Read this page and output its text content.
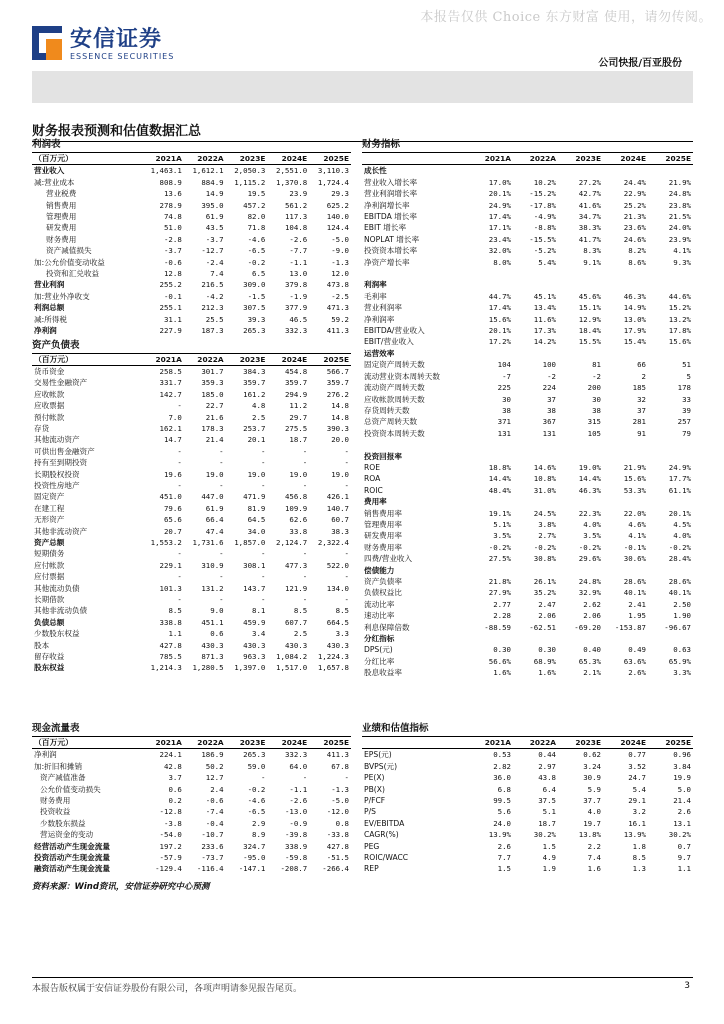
本报告仅供 Choice 东方财富 使用，请勿传阅。
安信证券
ESSENCE SECURITIES
公司快报/百亚股份
财务报表预测和估值数据汇总
利润表
（百万元）	2021A	2022A	2023E	2024E	2025E
营业收入	1,463.1	1,612.1	2,050.3	2,551.0	3,110.3
减:营业成本	808.9	884.9	1,115.2	1,370.8	1,724.4
营业税费	13.6	14.9	19.5	23.9	29.3
销售费用	278.9	395.0	457.2	561.2	625.2
管理费用	74.8	61.9	82.0	117.3	140.0
研发费用	51.0	43.5	71.8	104.8	124.4
财务费用	-2.8	-3.7	-4.6	-2.6	-5.0
资产减值损失	-3.7	-12.7	-6.5	-7.7	-9.0
加:公允价值变动收益	-0.6	-2.4	-0.2	-1.1	-1.3
投资和汇兑收益	12.8	7.4	6.5	13.0	12.0
营业利润	255.2	216.5	309.0	379.8	473.8
加:营业外净收支	-0.1	-4.2	-1.5	-1.9	-2.5
利润总额	255.1	212.3	307.5	377.9	471.3
减:所得税	31.1	25.5	39.3	46.5	59.2
净利润	227.9	187.3	265.3	332.3	411.3
资产负债表
（百万元）	2021A	2022A	2023E	2024E	2025E
货币资金	258.5	301.7	384.3	454.8	566.7
交易性金融资产	331.7	359.3	359.7	359.7	359.7
应收帐款	142.7	185.0	161.2	294.9	276.2
应收票据	-	22.7	4.8	11.2	14.8
预付帐款	7.0	21.6	2.5	29.7	14.8
存货	162.1	178.3	253.7	275.5	390.3
其他流动资产	14.7	21.4	20.1	18.7	20.0
可供出售金融资产	-	-	-	-	-
持有至到期投资	-	-	-	-	-
长期股权投资	19.6	19.0	19.0	19.0	19.0
投资性房地产	-	-	-	-	-
固定资产	451.0	447.0	471.9	456.8	426.1
在建工程	79.6	61.9	81.9	109.9	140.7
无形资产	65.6	66.4	64.5	62.6	60.7
其他非流动资产	20.7	47.4	34.0	33.8	38.3
资产总额	1,553.2	1,731.6	1,857.0	2,124.7	2,322.4
短期债务	-	-	-	-	-
应付帐款	229.1	310.9	308.1	477.3	522.0
应付票据	-	-	-	-	-
其他流动负债	101.3	131.2	143.7	121.9	134.0
长期借款	-	-	-	-	-
其他非流动负债	8.5	9.0	8.1	8.5	8.5
负债总额	338.8	451.1	459.9	607.7	664.5
少数股东权益	1.1	0.6	3.4	2.5	3.3
股本	427.8	430.3	430.3	430.3	430.3
留存收益	785.5	871.3	963.3	1,084.2	1,224.3
股东权益	1,214.3	1,280.5	1,397.0	1,517.0	1,657.8
财务指标
	2021A	2022A	2023E	2024E	2025E
成长性					
营业收入增长率	17.0%	10.2%	27.2%	24.4%	21.9%
营业利润增长率	20.1%	-15.2%	42.7%	22.9%	24.8%
净利润增长率	24.9%	-17.8%	41.6%	25.2%	23.8%
EBITDA 增长率	17.4%	-4.9%	34.7%	21.3%	21.5%
EBIT 增长率	17.1%	-8.8%	38.3%	23.6%	24.0%
NOPLAT 增长率	23.4%	-15.5%	41.7%	24.6%	23.9%
投资资本增长率	32.0%	-5.2%	8.3%	8.2%	4.1%
净资产增长率	8.0%	5.4%	9.1%	8.6%	9.3%

利润率					
毛利率	44.7%	45.1%	45.6%	46.3%	44.6%
营业利润率	17.4%	13.4%	15.1%	14.9%	15.2%
净利润率	15.6%	11.6%	12.9%	13.0%	13.2%
EBITDA/营业收入	20.1%	17.3%	18.4%	17.9%	17.8%
EBIT/营业收入	17.2%	14.2%	15.5%	15.4%	15.6%
运营效率					
固定资产周转天数	104	100	81	66	51
流动营业资本周转天数	-7	-2	-2	2	5
流动资产周转天数	225	224	200	185	178
应收帐款周转天数	30	37	30	32	33
存货周转天数	38	38	38	37	39
总资产周转天数	371	367	315	281	257
投资资本周转天数	131	131	105	91	79

投资回报率					
ROE	18.8%	14.6%	19.0%	21.9%	24.9%
ROA	14.4%	10.8%	14.4%	15.6%	17.7%
ROIC	48.4%	31.0%	46.3%	53.3%	61.1%
费用率					
销售费用率	19.1%	24.5%	22.3%	22.0%	20.1%
管理费用率	5.1%	3.8%	4.0%	4.6%	4.5%
研发费用率	3.5%	2.7%	3.5%	4.1%	4.0%
财务费用率	-0.2%	-0.2%	-0.2%	-0.1%	-0.2%
四费/营业收入	27.5%	30.8%	29.6%	30.6%	28.4%
偿债能力					
资产负债率	21.8%	26.1%	24.8%	28.6%	28.6%
负债权益比	27.9%	35.2%	32.9%	40.1%	40.1%
流动比率	2.77	2.47	2.62	2.41	2.50
速动比率	2.28	2.06	2.06	1.95	1.90
利息保障倍数	-88.59	-62.51	-69.20	-153.87	-96.67
分红指标					
DPS(元)	0.30	0.30	0.40	0.49	0.63
分红比率	56.6%	68.9%	65.3%	63.6%	65.9%
股息收益率	1.6%	1.6%	2.1%	2.6%	3.3%
现金流量表
（百万元）	2021A	2022A	2023E	2024E	2025E
净利润	224.1	186.9	265.3	332.3	411.3
加:折旧和摊销	42.8	50.2	59.0	64.0	67.8
资产减值准备	3.7	12.7	-	-	-
公允价值变动损失	0.6	2.4	-0.2	-1.1	-1.3
财务费用	0.2	-0.6	-4.6	-2.6	-5.0
投资收益	-12.8	-7.4	-6.5	-13.0	-12.0
少数股东损益	-3.8	-0.4	2.9	-0.9	0.8
营运资金的变动	-54.0	-10.7	8.9	-39.8	-33.8
经营活动产生现金流量	197.2	233.6	324.7	338.9	427.8
投资活动产生现金流量	-57.9	-73.7	-95.0	-59.8	-51.5
融资活动产生现金流量	-129.4	-116.4	-147.1	-208.7	-266.4
业绩和估值指标
	2021A	2022A	2023E	2024E	2025E
EPS(元)	0.53	0.44	0.62	0.77	0.96
BVPS(元)	2.82	2.97	3.24	3.52	3.84
PE(X)	36.0	43.8	30.9	24.7	19.9
PB(X)	6.8	6.4	5.9	5.4	5.0
P/FCF	99.5	37.5	37.7	29.1	21.4
P/S	5.6	5.1	4.0	3.2	2.6
EV/EBITDA	24.0	18.7	19.7	16.1	13.1
CAGR(%)	13.9%	30.2%	13.8%	13.9%	30.2%
PEG	2.6	1.5	2.2	1.8	0.7
ROIC/WACC	7.7	4.9	7.4	8.5	9.7
REP	1.5	1.9	1.6	1.3	1.1
资料来源：Wind资讯，安信证券研究中心预测
本报告版权属于安信证券股份有限公司，各项声明请参见报告尾页。	3
